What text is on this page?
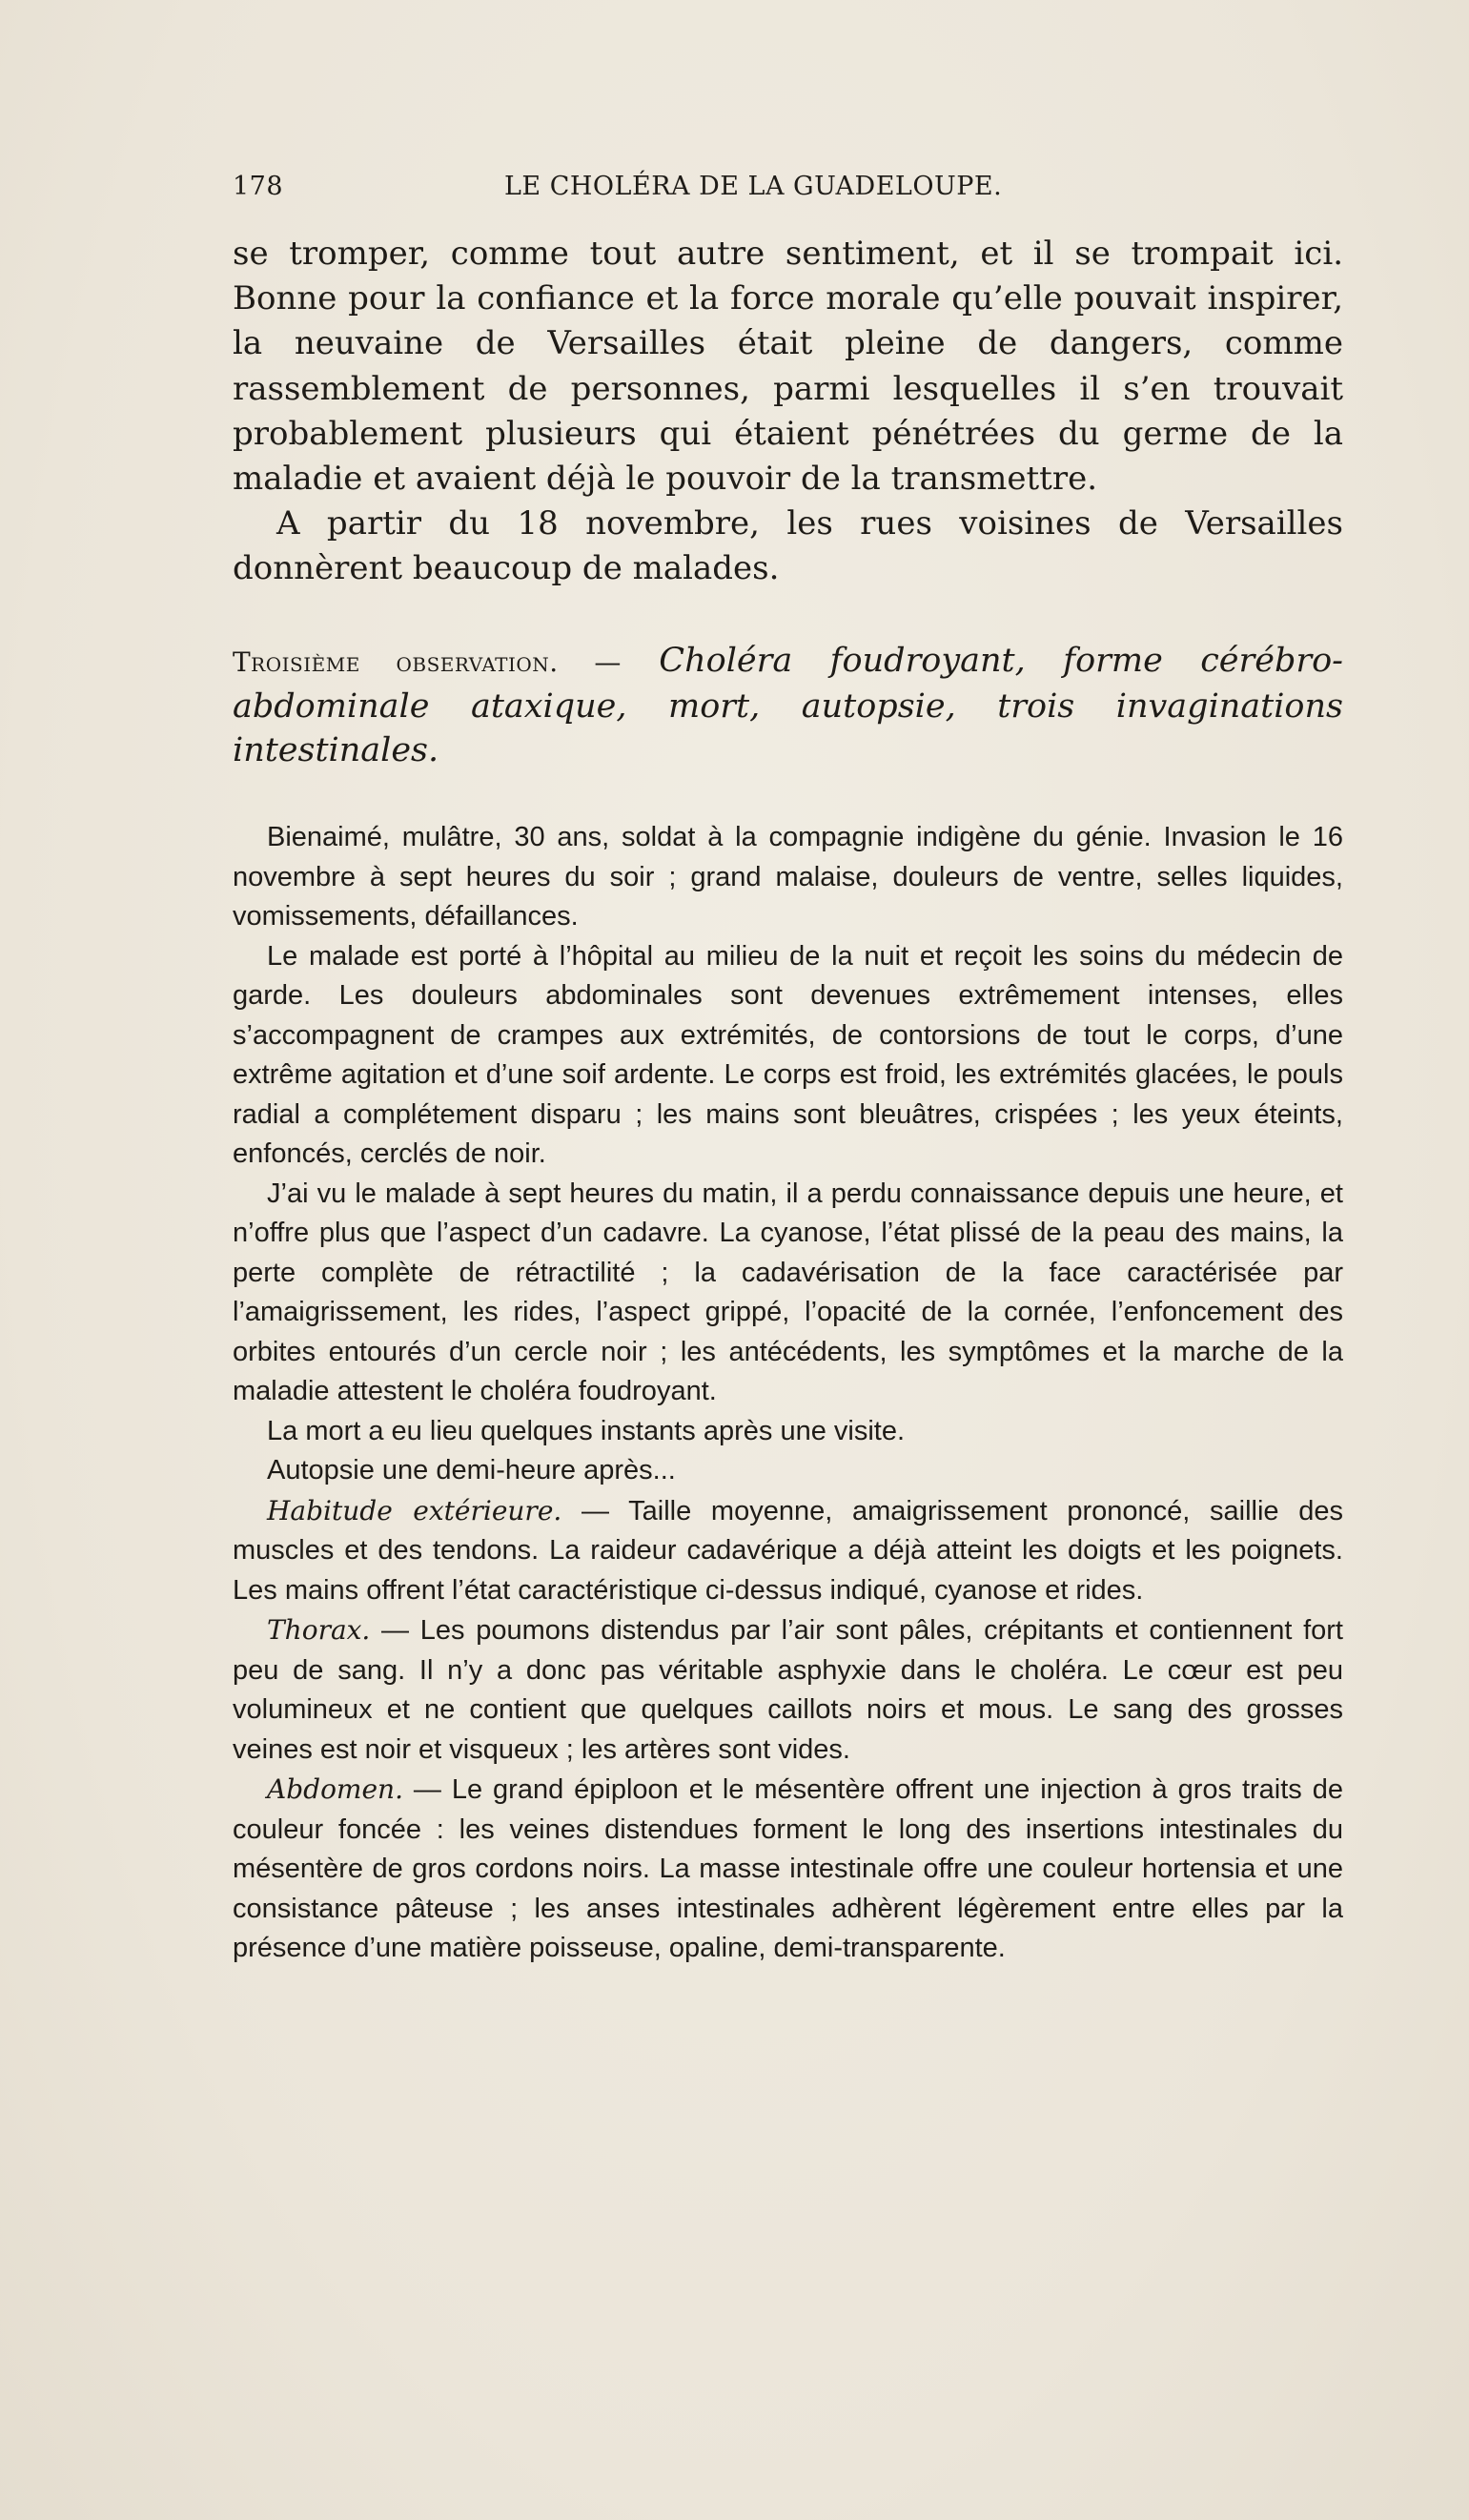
178	LE CHOLÉRA DE LA GUADELOUPE.

se tromper, comme tout autre sentiment, et il se trompait ici. Bonne pour la confiance et la force morale qu’elle pouvait inspirer, la neuvaine de Versailles était pleine de dangers, comme rassemblement de personnes, parmi lesquelles il s’en trouvait probablement plusieurs qui étaient pénétrées du germe de la maladie et avaient déjà le pouvoir de la transmettre.

A partir du 18 novembre, les rues voisines de Versailles donnèrent beaucoup de malades.

Troisième observation. — Choléra foudroyant, forme cérébro-abdominale ataxique, mort, autopsie, trois invaginations intestinales.

Bienaimé, mulâtre, 30 ans, soldat à la compagnie indigène du génie. Invasion le 16 novembre à sept heures du soir ; grand malaise, douleurs de ventre, selles liquides, vomissements, défaillances.

Le malade est porté à l’hôpital au milieu de la nuit et reçoit les soins du médecin de garde. Les douleurs abdominales sont devenues extrêmement intenses, elles s’accompagnent de crampes aux extrémités, de contorsions de tout le corps, d’une extrême agitation et d’une soif ardente. Le corps est froid, les extrémités glacées, le pouls radial a complétement disparu ; les mains sont bleuâtres, crispées ; les yeux éteints, enfoncés, cerclés de noir.

J’ai vu le malade à sept heures du matin, il a perdu connaissance depuis une heure, et n’offre plus que l’aspect d’un cadavre. La cyanose, l’état plissé de la peau des mains, la perte complète de rétractilité ; la cadavérisation de la face caractérisée par l’amaigrissement, les rides, l’aspect grippé, l’opacité de la cornée, l’enfoncement des orbites entourés d’un cercle noir ; les antécédents, les symptômes et la marche de la maladie attestent le choléra foudroyant.

La mort a eu lieu quelques instants après une visite.

Autopsie une demi-heure après...

Habitude extérieure. — Taille moyenne, amaigrissement prononcé, saillie des muscles et des tendons. La raideur cadavérique a déjà atteint les doigts et les poignets. Les mains offrent l’état caractéristique ci-dessus indiqué, cyanose et rides.

Thorax. — Les poumons distendus par l’air sont pâles, crépitants et contiennent fort peu de sang. Il n’y a donc pas véritable asphyxie dans le choléra. Le cœur est peu volumineux et ne contient que quelques caillots noirs et mous. Le sang des grosses veines est noir et visqueux ; les artères sont vides.

Abdomen. — Le grand épiploon et le mésentère offrent une injection à gros traits de couleur foncée : les veines distendues forment le long des insertions intestinales du mésentère de gros cordons noirs. La masse intestinale offre une couleur hortensia et une consistance pâteuse ; les anses intestinales adhèrent légèrement entre elles par la présence d’une matière poisseuse, opaline, demi-transparente.
